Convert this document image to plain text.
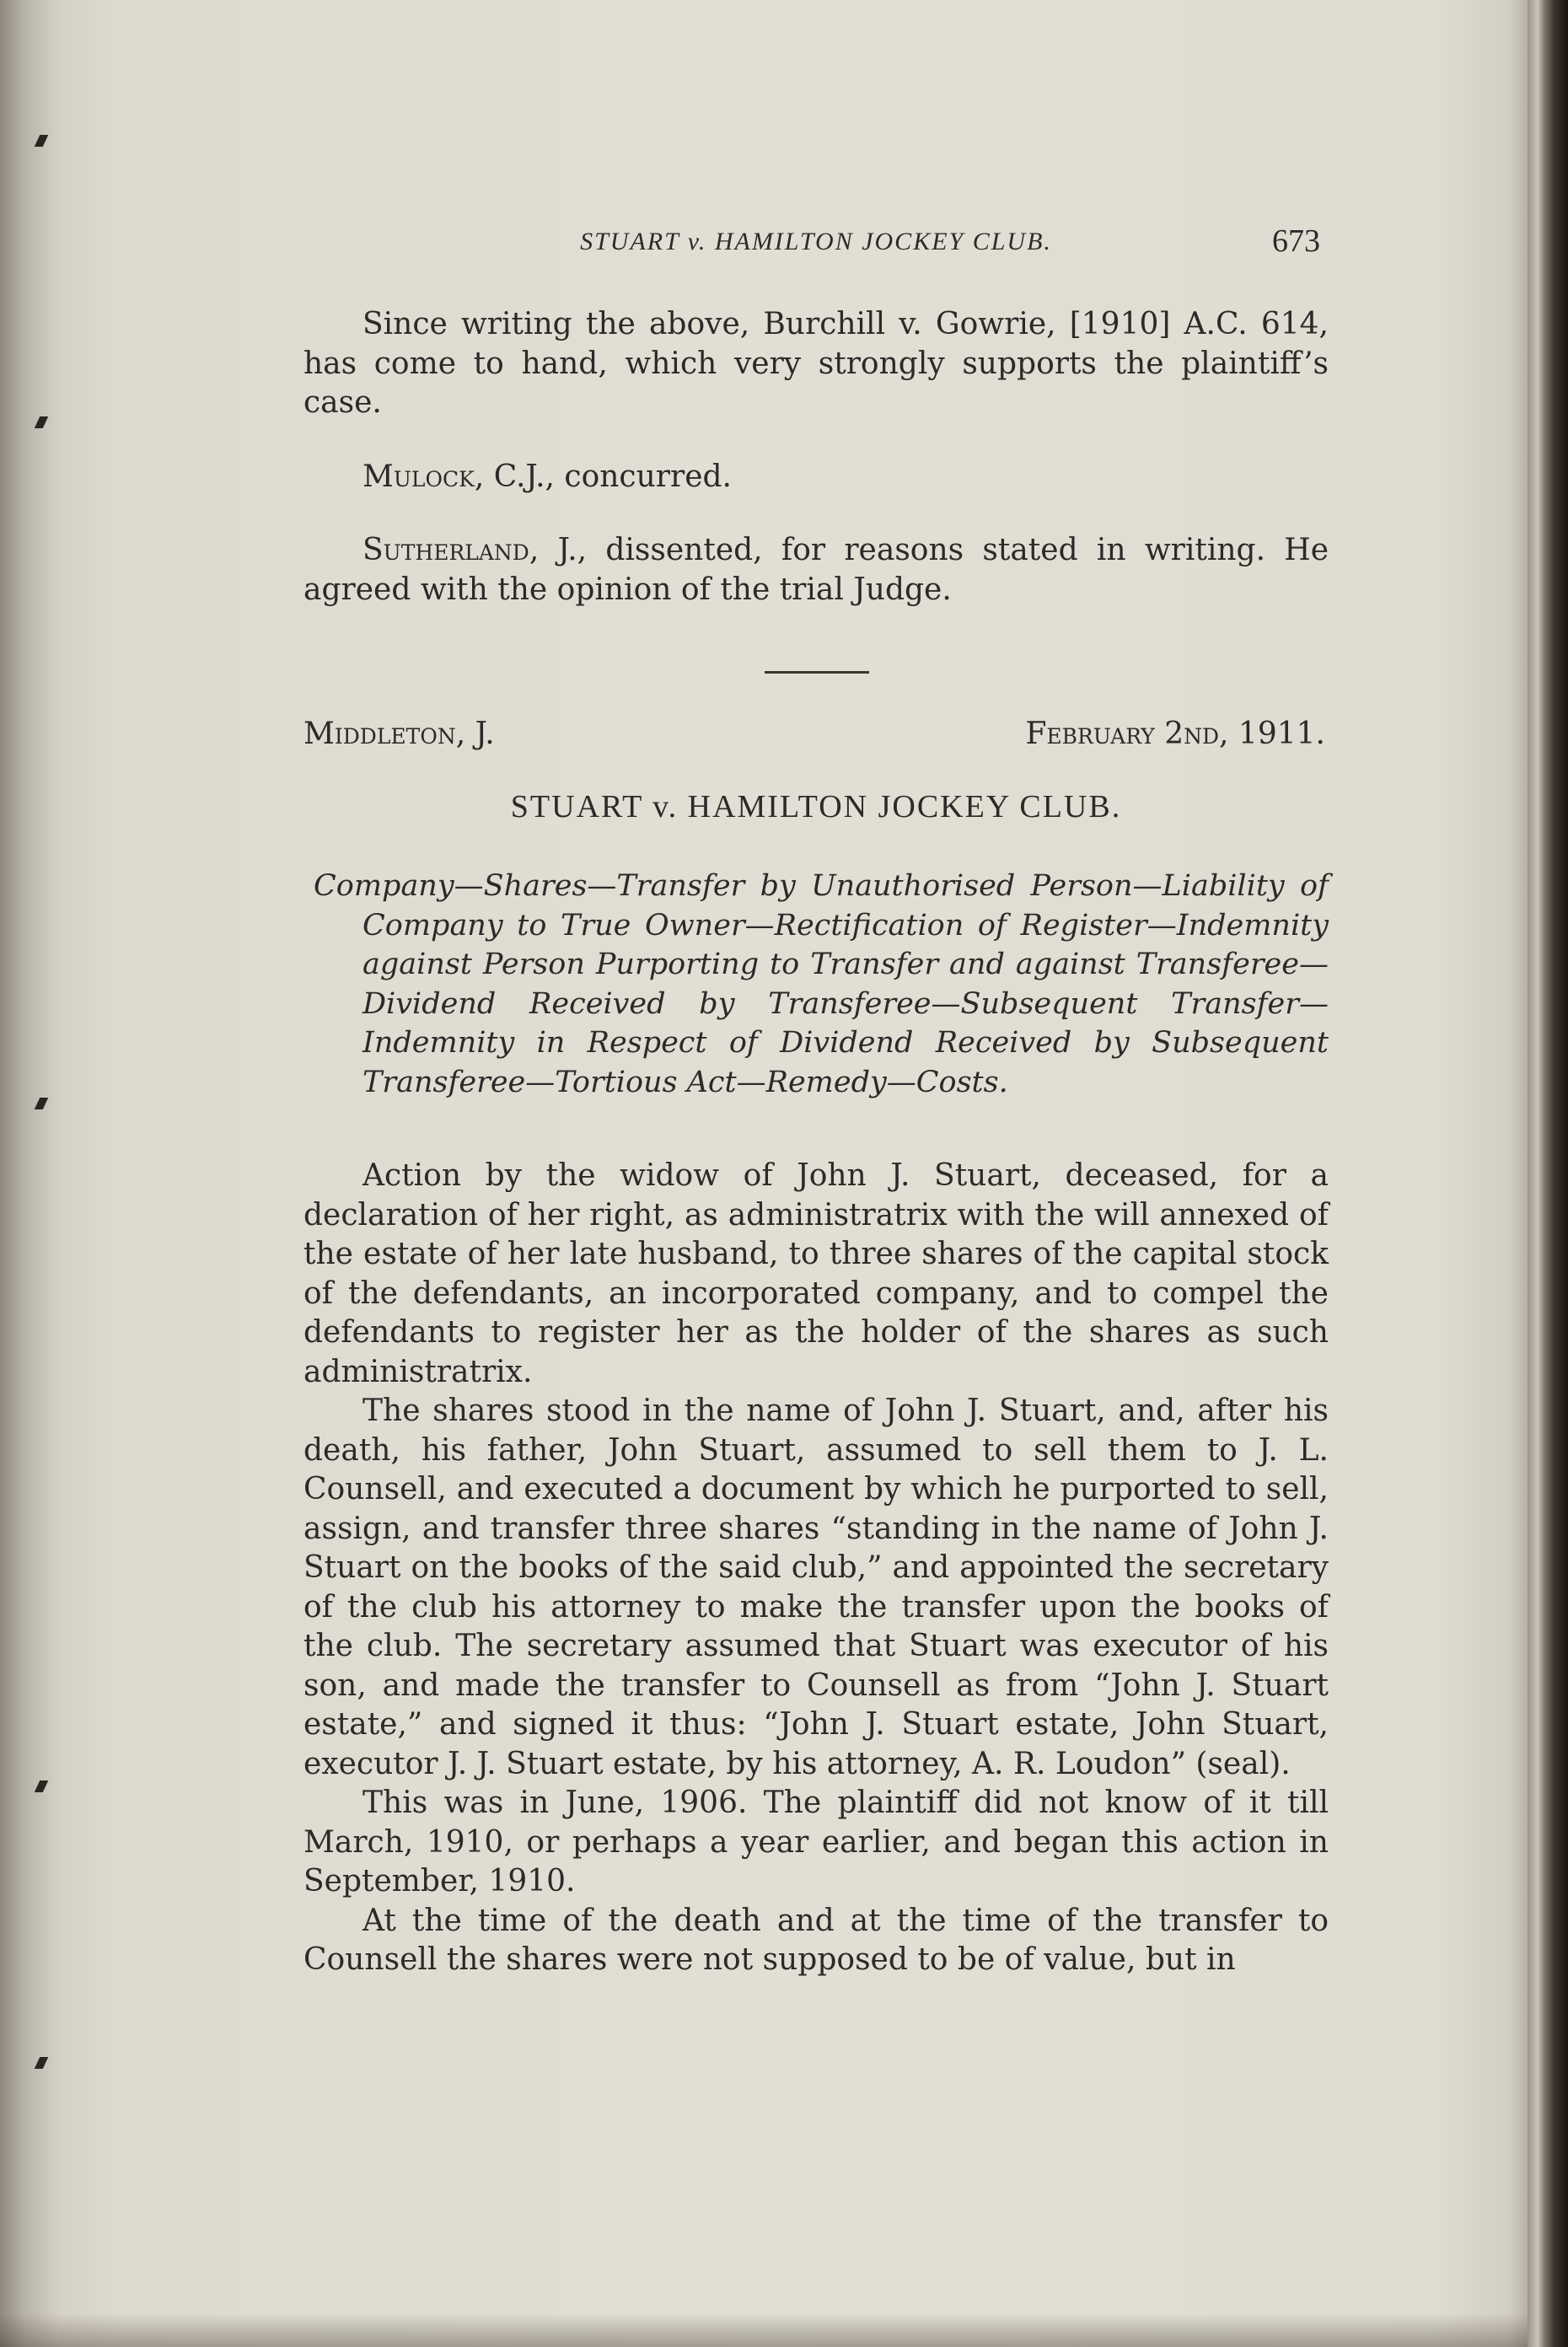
STUART v. HAMILTON JOCKEY CLUB.	673

Since writing the above, Burchill v. Gowrie, [1910] A.C. 614, has come to hand, which very strongly supports the plaintiff’s case.

Mulock, C.J., concurred.

Sutherland, J., dissented, for reasons stated in writing. He agreed with the opinion of the trial Judge.

Middleton, J.	February 2nd, 1911.
STUART v. HAMILTON JOCKEY CLUB.
Company—Shares—Transfer by Unauthorised Person—Liability of Company to True Owner—Rectification of Register—Indemnity against Person Purporting to Transfer and against Transferee—Dividend Received by Transferee—Subsequent Transfer—Indemnity in Respect of Dividend Received by Subsequent Transferee—Tortious Act—Remedy—Costs.

Action by the widow of John J. Stuart, deceased, for a declaration of her right, as administratrix with the will annexed of the estate of her late husband, to three shares of the capital stock of the defendants, an incorporated company, and to compel the defendants to register her as the holder of the shares as such administratrix.

The shares stood in the name of John J. Stuart, and, after his death, his father, John Stuart, assumed to sell them to J. L. Counsell, and executed a document by which he purported to sell, assign, and transfer three shares “standing in the name of John J. Stuart on the books of the said club,” and appointed the secretary of the club his attorney to make the transfer upon the books of the club. The secretary assumed that Stuart was executor of his son, and made the transfer to Counsell as from “John J. Stuart estate,” and signed it thus: “John J. Stuart estate, John Stuart, executor J. J. Stuart estate, by his attorney, A. R. Loudon” (seal).

This was in June, 1906. The plaintiff did not know of it till March, 1910, or perhaps a year earlier, and began this action in September, 1910.

At the time of the death and at the time of the transfer to Counsell the shares were not supposed to be of value, but in
